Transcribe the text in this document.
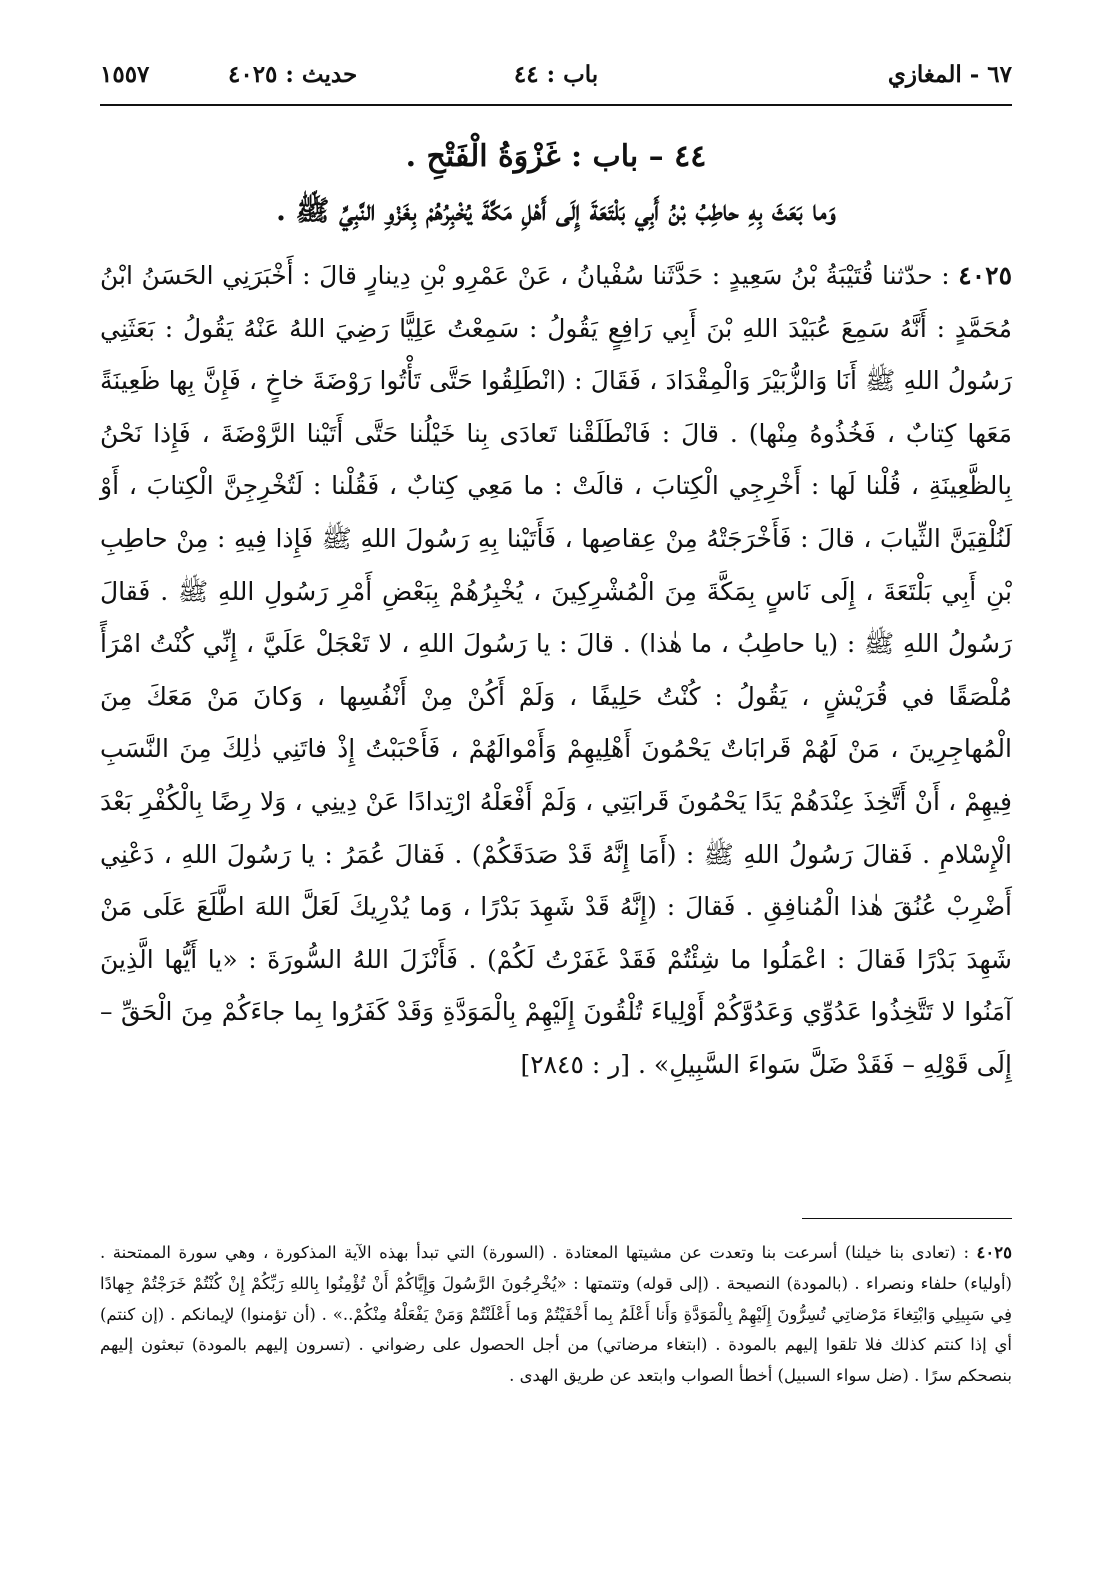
١٥٥٧	حديث : ٤٠٢٥	باب : ٤٤	٦٧ - المغازي
٤٤ – باب : غَزْوَةُ الْفَتْحِ .
وَما بَعَثَ بِهِ حاطِبُ بْنُ أَبِي بَلْتَعَةَ إِلَى أَهْلِ مَكَّةَ يُخْبِرُهُمْ بِغَزْوِ النَّبِيِّ ﷺ .
٤٠٢٥ : حدّثنا قُتَيْبَةُ بْنُ سَعِيدٍ : حَدَّثَنا سُفْيانُ ، عَنْ عَمْرِو بْنِ دِينارٍ قالَ : أَخْبَرَنِي الحَسَنُ ابْنُ مُحَمَّدٍ : أَنَّهُ سَمِعَ عُبَيْدَ اللهِ بْنَ أَبِي رَافِعٍ يَقُولُ : سَمِعْتُ عَلِيًّا رَضِيَ اللهُ عَنْهُ يَقُولُ : بَعَثَنِي رَسُولُ اللهِ ﷺ أَنَا وَالزُّبَيْرَ وَالْمِقْدَادَ ، فَقَالَ : (انْطَلِقُوا حَتَّى تَأْتُوا رَوْضَةَ خاخٍ ، فَإِنَّ بِها ظَعِينَةً مَعَها كِتابٌ ، فَخُذُوهُ مِنْها) . قالَ : فَانْطَلَقْنا تَعادَى بِنا خَيْلُنا حَتَّى أَتَيْنا الرَّوْضَةَ ، فَإِذا نَحْنُ بِالظَّعِينَةِ ، قُلْنا لَها : أَخْرِجِي الْكِتابَ ، قالَتْ : ما مَعِي كِتابٌ ، فَقُلْنا : لَتُخْرِجِنَّ الْكِتابَ ، أَوْ لَنُلْقِيَنَّ الثِّيابَ ، قالَ : فَأَخْرَجَتْهُ مِنْ عِقاصِها ، فَأَتَيْنا بِهِ رَسُولَ اللهِ ﷺ فَإِذا فِيهِ : مِنْ حاطِبِ بْنِ أَبِي بَلْتَعَةَ ، إِلَى نَاسٍ بِمَكَّةَ مِنَ الْمُشْرِكِينَ ، يُخْبِرُهُمْ بِبَعْضِ أَمْرِ رَسُولِ اللهِ ﷺ . فَقالَ رَسُولُ اللهِ ﷺ : (يا حاطِبُ ، ما هٰذا) . قالَ : يا رَسُولَ اللهِ ، لا تَعْجَلْ عَلَيَّ ، إِنِّي كُنْتُ امْرَأً مُلْصَقًا في قُرَيْشٍ ، يَقُولُ : كُنْتُ حَلِيفًا ، وَلَمْ أَكُنْ مِنْ أَنْفُسِها ، وَكانَ مَنْ مَعَكَ مِنَ الْمُهاجِرِينَ ، مَنْ لَهُمْ قَرابَاتٌ يَحْمُونَ أَهْلِيهِمْ وَأَمْوالَهُمْ ، فَأَحْبَبْتُ إِذْ فاتَنِي ذٰلِكَ مِنَ النَّسَبِ فِيهِمْ ، أَنْ أَتَّخِذَ عِنْدَهُمْ يَدًا يَحْمُونَ قَرابَتِي ، وَلَمْ أَفْعَلْهُ ارْتِدادًا عَنْ دِينِي ، وَلا رِضًا بِالْكُفْرِ بَعْدَ الْإِسْلامِ . فَقالَ رَسُولُ اللهِ ﷺ : (أَمَا إِنَّهُ قَدْ صَدَقَكُمْ) . فَقالَ عُمَرُ : يا رَسُولَ اللهِ ، دَعْنِي أَضْرِبْ عُنُقَ هٰذا الْمُنافِقِ . فَقالَ : (إِنَّهُ قَدْ شَهِدَ بَدْرًا ، وَما يُدْرِيكَ لَعَلَّ اللهَ اطَّلَعَ عَلَى مَنْ شَهِدَ بَدْرًا فَقالَ : اعْمَلُوا ما شِئْتُمْ فَقَدْ غَفَرْتُ لَكُمْ) . فَأَنْزَلَ اللهُ السُّورَةَ : «يا أَيُّها الَّذِينَ آمَنُوا لا تَتَّخِذُوا عَدُوِّي وَعَدُوَّكُمْ أَوْلِياءَ تُلْقُونَ إِلَيْهِمْ بِالْمَوَدَّةِ وَقَدْ كَفَرُوا بِما جاءَكُمْ مِنَ الْحَقِّ – إِلَى قَوْلِهِ – فَقَدْ ضَلَّ سَواءَ السَّبِيلِ» . [ر : ٢٨٤٥]
٤٠٢٥ : (تعادى بنا خيلنا) أسرعت بنا وتعدت عن مشيتها المعتادة . (السورة) التي تبدأ بهذه الآية المذكورة ، وهي سورة الممتحنة . (أولياء) حلفاء ونصراء . (بالمودة) النصيحة . (إلى قوله) وتتمتها : «يُخْرِجُونَ الرَّسُولَ وَإِيَّاكُمْ أَنْ تُؤْمِنُوا بِاللهِ رَبِّكُمْ إِنْ كُنْتُمْ خَرَجْتُمْ جِهادًا فِي سَبِيلِي وَابْتِغاءَ مَرْضاتِي تُسِرُّونَ إِلَيْهِمْ بِالْمَوَدَّةِ وَأَنا أَعْلَمُ بِما أَخْفَيْتُمْ وَما أَعْلَنْتُمْ وَمَنْ يَفْعَلْهُ مِنْكُمْ..» . (أن تؤمنوا) لإيمانكم . (إن كنتم) أي إذا كنتم كذلك فلا تلقوا إليهم بالمودة . (ابتغاء مرضاتي) من أجل الحصول على رضواني . (تسرون إليهم بالمودة) تبعثون إليهم بنصحكم سرًا . (ضل سواء السبيل) أخطأ الصواب وابتعد عن طريق الهدى .
